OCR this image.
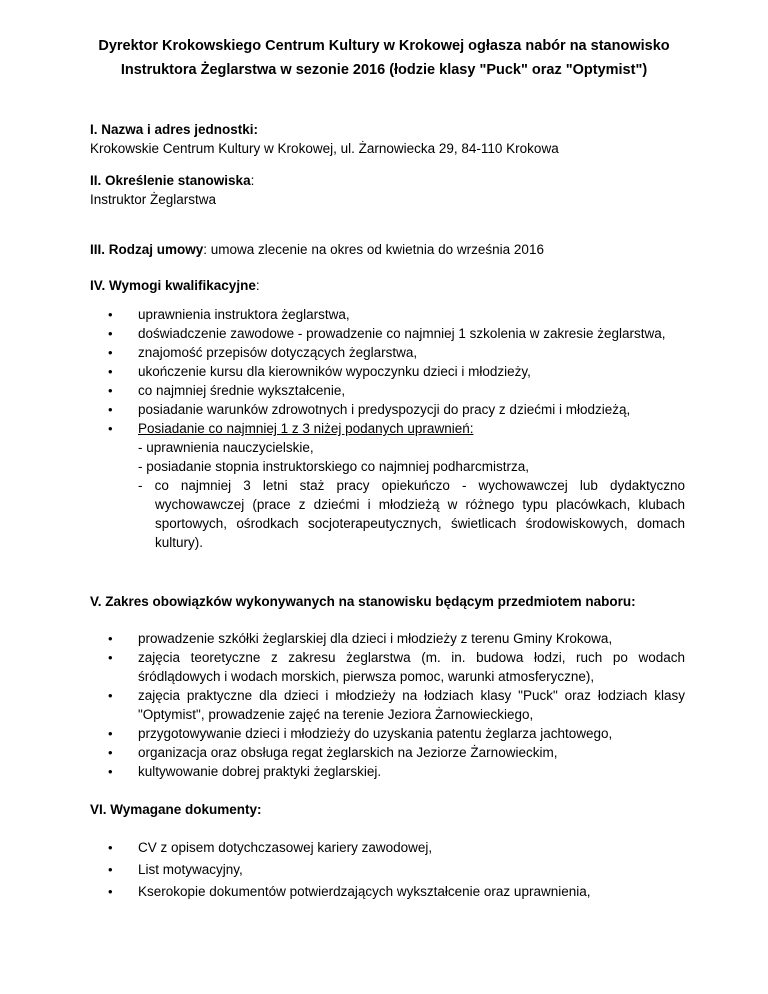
Dyrektor Krokowskiego Centrum Kultury w Krokowej ogłasza nabór na stanowisko
Instruktora Żeglarstwa w sezonie 2016 (łodzie klasy "Puck" oraz "Optymist")
I. Nazwa i adres jednostki:
Krokowskie Centrum Kultury w Krokowej, ul. Żarnowiecka 29, 84-110 Krokowa
II. Określenie stanowiska:
Instruktor Żeglarstwa
III. Rodzaj umowy: umowa zlecenie na okres od kwietnia do września 2016
IV. Wymogi kwalifikacyjne:
• uprawnienia instruktora żeglarstwa,
• doświadczenie zawodowe - prowadzenie co najmniej 1 szkolenia w zakresie żeglarstwa,
• znajomość przepisów dotyczących żeglarstwa,
• ukończenie kursu dla kierowników wypoczynku dzieci i młodzieży,
• co najmniej średnie wykształcenie,
• posiadanie warunków zdrowotnych i predyspozycji do pracy z dziećmi i młodzieżą,
• Posiadanie co najmniej 1 z 3 niżej podanych uprawnień:
- uprawnienia nauczycielskie,
- posiadanie stopnia instruktorskiego co najmniej podharcmistrza,
- co najmniej 3 letni staż pracy opiekuńczo - wychowawczej lub dydaktyczno wychowawczej (prace z dziećmi i młodzieżą w różnego typu placówkach, klubach sportowych, ośrodkach socjoterapeutycznych, świetlicach środowiskowych, domach kultury).
V. Zakres obowiązków wykonywanych na stanowisku będącym przedmiotem naboru:
• prowadzenie szkółki żeglarskiej dla dzieci i młodzieży z terenu Gminy Krokowa,
• zajęcia teoretyczne z zakresu żeglarstwa (m. in. budowa łodzi, ruch po wodach śródlądowych i wodach morskich, pierwsza pomoc, warunki atmosferyczne),
• zajęcia praktyczne dla dzieci i młodzieży na łodziach klasy "Puck" oraz łodziach klasy "Optymist", prowadzenie zajęć na terenie Jeziora Żarnowieckiego,
• przygotowywanie dzieci i młodzieży do uzyskania patentu żeglarza jachtowego,
• organizacja oraz obsługa regat żeglarskich na Jeziorze Żarnowieckim,
• kultywowanie dobrej praktyki żeglarskiej.
VI. Wymagane dokumenty:
• CV z opisem dotychczasowej kariery zawodowej,
• List motywacyjny,
• Kserokopie dokumentów potwierdzających wykształcenie oraz uprawnienia,
